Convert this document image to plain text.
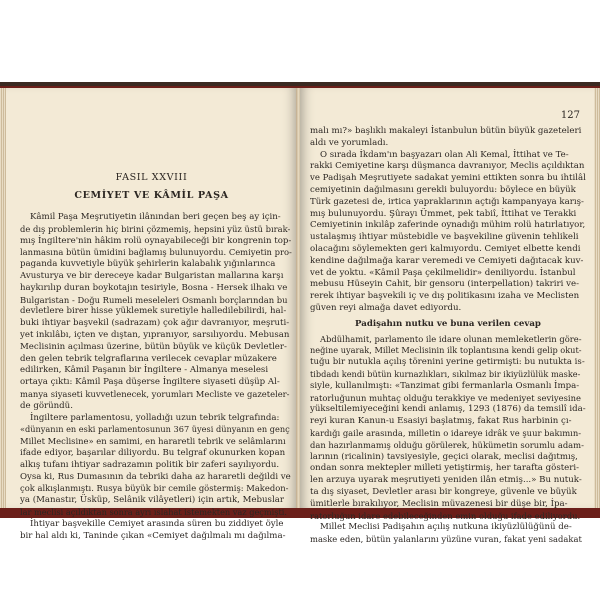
FASIL XXVIII
CEMİYET VE KÂMİL PAŞA

Kâmil Paşa Meşrutiyetin ilânından beri geçen beş ay için-

de dış problemlerin hiç birini çözmemiş, hepsini yüz üstü bırak-

mış İngiltere'nin hâkim rolü oynayabileceği bir kongrenin top-

lanmasına bütün ümidini bağlamış bulunuyordu. Cemiyetin pro-

paganda kuvvetiyle büyük şehirlerin kalabalık yığınlarınca

Avusturya ve bir dereceye kadar Bulgaristan mallarına karşı

haykırılıp duran boykotajın tesiriyle, Bosna - Hersek ilhakı ve

Bulgaristan - Doğu Rumeli meseleleri Osmanlı borçlarından bu

devletlere birer hisse yüklemek suretiyle halledilebilirdi, hal-

buki ihtiyar başvekil (sadrazam) çok ağır davranıyor, meşruti-

yet inkılâbı, içten ve dıştan, yıpranıyor, sarsılıyordu. Mebusan

Meclisinin açılması üzerine, bütün büyük ve küçük Devletler-

den gelen tebrik telgraflarına verilecek cevaplar müzakere

edilirken, Kâmil Paşanın bir İngiltere - Almanya meselesi

ortaya çıktı: Kâmil Paşa düşerse İngiltere siyaseti düşüp Al-

manya siyaseti kuvvetlenecek, yorumları Mecliste ve gazeteler-

de göründü.

İngiltere parlamentosu, yolladığı uzun tebrik telgrafında:

«dünyanın en eski parlamentosunun 367 üyesi dünyanın en genç

Millet Meclisine» en samimi, en hararetli tebrik ve selâmlarını

ifade ediyor, başarılar diliyordu. Bu telgraf okunurken kopan

alkış tufanı ihtiyar sadrazamın politik bir zaferi sayılıyordu.

Oysa ki, Rus Dumasının da tebriki daha az hararetli değildi ve

çok alkışlanmıştı. Rusya büyük bir cemile göstermiş: Makedon-

ya (Manastır, Üsküp, Selânik vilâyetleri) için artık, Mebuslar

lar meclisi açıldıktan sonra ayrı ıslahat istemekten vaz geçmişti.

İhtiyar başvekille Cemiyet arasında süren bu ziddiyet öyle

bir hal aldı ki, Taninde çıkan «Cemiyet dağılmalı mı dağılma-

127

malı mı?» başlıklı makaleyi İstanbulun bütün büyük gazeteleri

aldı ve yorumladı.

O sırada İkdam'ın başyazarı olan Ali Kemal, İttihat ve Te-

rakki Cemiyetine karşı düşmanca davranıyor, Meclis açıldıktan

ve Padişah Meşrutiyete sadakat yemini ettikten sonra bu ihtilâl

cemiyetinin dağılmasını gerekli buluyordu: böylece en büyük

Türk gazetesi de, irtica yapraklarının açtığı kampanyaya karış-

mış bulunuyordu. Şûrayı Ümmet, pek tabiî, İttihat ve Terakki

Cemiyetinin inkılâp zaferinde oynadığı mühim rolü hatırlatıyor,

ustalaşmış ihtiyar müstebidle ve başvekiline güvenin tehlikeli

olacağını söylemekten geri kalmıyordu. Cemiyet elbette kendi

kendine dağılmağa karar veremedi ve Cemiyeti dağıtacak kuv-

vet de yoktu. «Kâmil Paşa çekilmelidir» deniliyordu. İstanbul

mebusu Hüseyin Cahit, bir gensoru (interpellation) takriri ve-

rerek ihtiyar başvekili iç ve dış politikasını izaha ve Meclisten

güven reyi almağa davet ediyordu.

Padişahın nutku ve buna verilen cevap

Abdülhamit, parlamento ile idare olunan memleketlerin göre-

neğine uyarak, Millet Meclisinin ilk toplantısına kendi gelip okut-

tuğu bir nutukla açılış törenini yerine getirmişti: bu nutukta is-

tibdadı kendi bütün kurnazlıkları, sıkılmaz bir ikiyüzlülük maske-

siyle, kullanılmıştı: «Tanzimat gibi fermanlarla Osmanlı İmpa-

ratorluğunun muhtaç olduğu terakkiye ve medeniyet seviyesine

yükseltilemiyeceğini kendi anlamış, 1293 (1876) da temsilî ida-

reyi kuran Kanun-u Esasiyi başlatmış, fakat Rus harbinin çı-

kardığı gaile arasında, milletin o idareye idrâk ve şuur bakımın-

dan hazırlanmamış olduğu görülerek, hükümetin sorumlu adam-

larının (ricalinin) tavsiyesiyle, geçici olarak, meclisi dağıtmış,

ondan sonra mektepler milleti yetiştirmiş, her tarafta gösteri-

len arzuya uyarak meşrutiyeti yeniden ilân etmiş...» Bu nutuk-

ta dış siyaset, Devletler arası bir kongreye, güvenle ve büyük

ümitlerle bırakılıyor, Meclisin müvazenesi bir düşe bir, İpa-

ratorluğun idare edebileceğinden emin olduğu ifade ediliyordu.

Millet Meclisi Padişahın açılış nutkuna ikiyüzlülüğünü de-

maske eden, bütün yalanlarını yüzüne vuran, fakat yeni sadakat
